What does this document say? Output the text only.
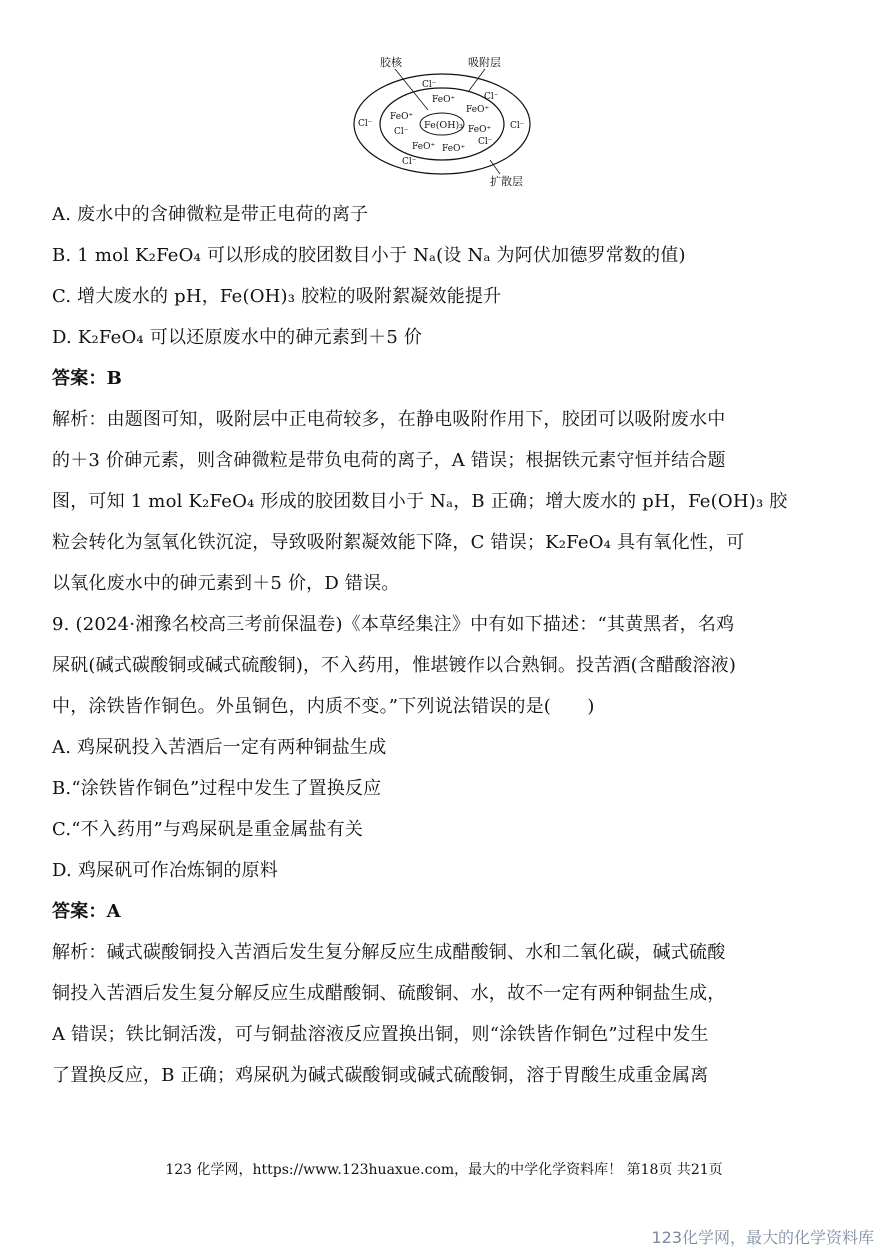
胶核	吸附层
扩散层
Fe(OH)₃
Cl⁻
Cl⁻
Cl⁻	Cl⁻
Cl⁻
Cl⁻
Cl⁻
FeO⁺
FeO⁺
FeO⁺
FeO⁺
FeO⁺ FeO⁺
A. 废水中的含砷微粒是带正电荷的离子
B. 1 mol K₂FeO₄ 可以形成的胶团数目小于 Nₐ(设 Nₐ 为阿伏加德罗常数的值)
C. 增大废水的 pH，Fe(OH)₃ 胶粒的吸附絮凝效能提升
D. K₂FeO₄ 可以还原废水中的砷元素到＋5 价
答案：B
解析：由题图可知，吸附层中正电荷较多，在静电吸附作用下，胶团可以吸附废水中
的＋3 价砷元素，则含砷微粒是带负电荷的离子，A 错误；根据铁元素守恒并结合题
图，可知 1 mol K₂FeO₄ 形成的胶团数目小于 Nₐ，B 正确；增大废水的 pH，Fe(OH)₃ 胶
粒会转化为氢氧化铁沉淀，导致吸附絮凝效能下降，C 错误；K₂FeO₄ 具有氧化性，可
以氧化废水中的砷元素到＋5 价，D 错误。
9. (2024·湘豫名校高三考前保温卷)《本草经集注》中有如下描述：“其黄黑者，名鸡
屎矾(碱式碳酸铜或碱式硫酸铜)，不入药用，惟堪镀作以合熟铜。投苦酒(含醋酸溶液)
中，涂铁皆作铜色。外虽铜色，内质不变。”下列说法错误的是(　　)
A. 鸡屎矾投入苦酒后一定有两种铜盐生成
B.“涂铁皆作铜色”过程中发生了置换反应
C.“不入药用”与鸡屎矾是重金属盐有关
D. 鸡屎矾可作冶炼铜的原料
答案：A
解析：碱式碳酸铜投入苦酒后发生复分解反应生成醋酸铜、水和二氧化碳，碱式硫酸
铜投入苦酒后发生复分解反应生成醋酸铜、硫酸铜、水，故不一定有两种铜盐生成，
A 错误；铁比铜活泼，可与铜盐溶液反应置换出铜，则“涂铁皆作铜色”过程中发生
了置换反应，B 正确；鸡屎矾为碱式碳酸铜或碱式硫酸铜，溶于胃酸生成重金属离
123 化学网，https://www.123huaxue.com，最大的中学化学资料库！ 第18页 共21页
123化学网，最大的化学资料库
